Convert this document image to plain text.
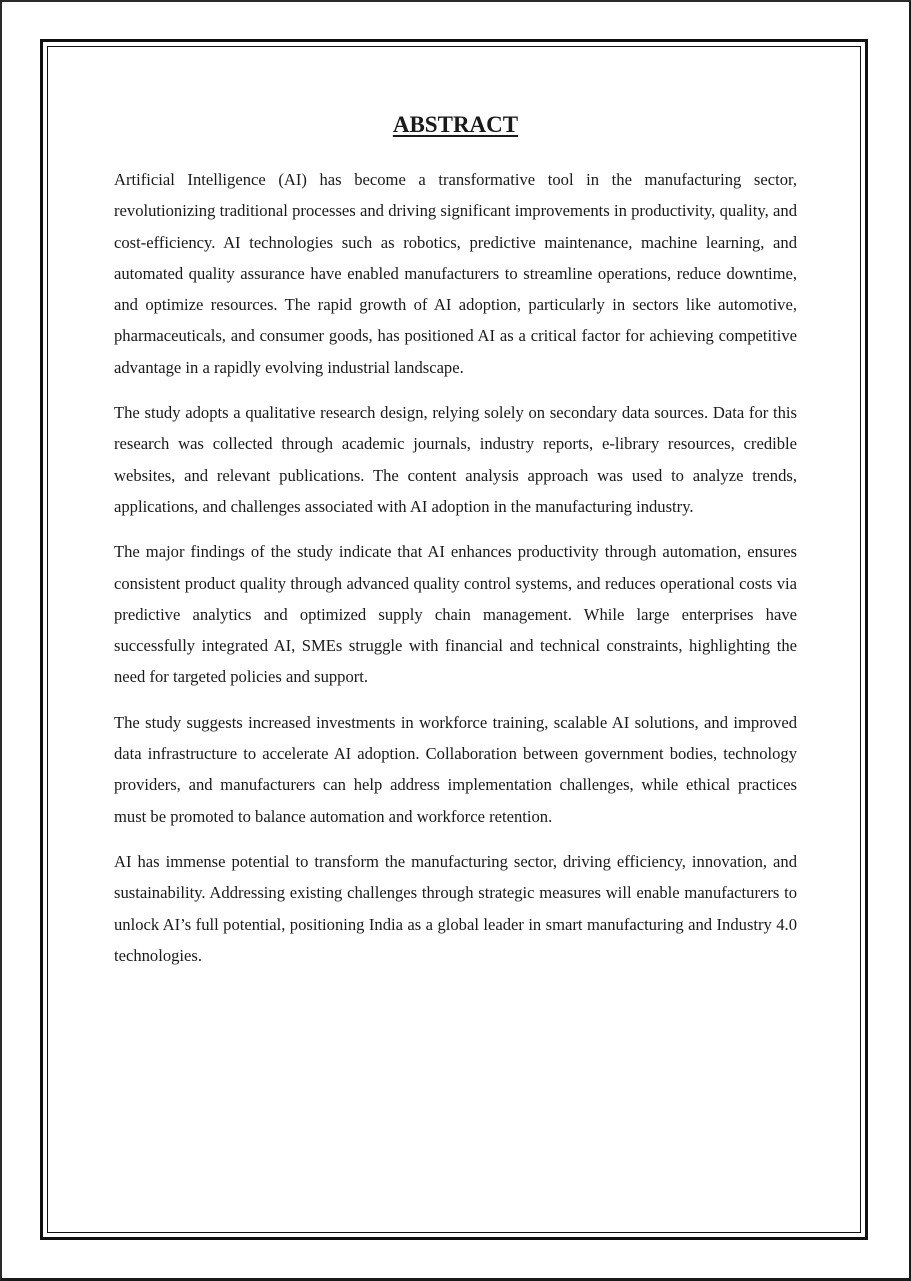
ABSTRACT

Artificial Intelligence (AI) has become a transformative tool in the manufacturing sector, revolutionizing traditional processes and driving significant improvements in productivity, quality, and cost-efficiency. AI technologies such as robotics, predictive maintenance, machine learning, and automated quality assurance have enabled manufacturers to streamline operations, reduce downtime, and optimize resources. The rapid growth of AI adoption, particularly in sectors like automotive, pharmaceuticals, and consumer goods, has positioned AI as a critical factor for achieving competitive advantage in a rapidly evolving industrial landscape.

The study adopts a qualitative research design, relying solely on secondary data sources. Data for this research was collected through academic journals, industry reports, e-library resources, credible websites, and relevant publications. The content analysis approach was used to analyze trends, applications, and challenges associated with AI adoption in the manufacturing industry.

The major findings of the study indicate that AI enhances productivity through automation, ensures consistent product quality through advanced quality control systems, and reduces operational costs via predictive analytics and optimized supply chain management. While large enterprises have successfully integrated AI, SMEs struggle with financial and technical constraints, highlighting the need for targeted policies and support.

The study suggests increased investments in workforce training, scalable AI solutions, and improved data infrastructure to accelerate AI adoption. Collaboration between government bodies, technology providers, and manufacturers can help address implementation challenges, while ethical practices must be promoted to balance automation and workforce retention.

AI has immense potential to transform the manufacturing sector, driving efficiency, innovation, and sustainability. Addressing existing challenges through strategic measures will enable manufacturers to unlock AI’s full potential, positioning India as a global leader in smart manufacturing and Industry 4.0 technologies.
